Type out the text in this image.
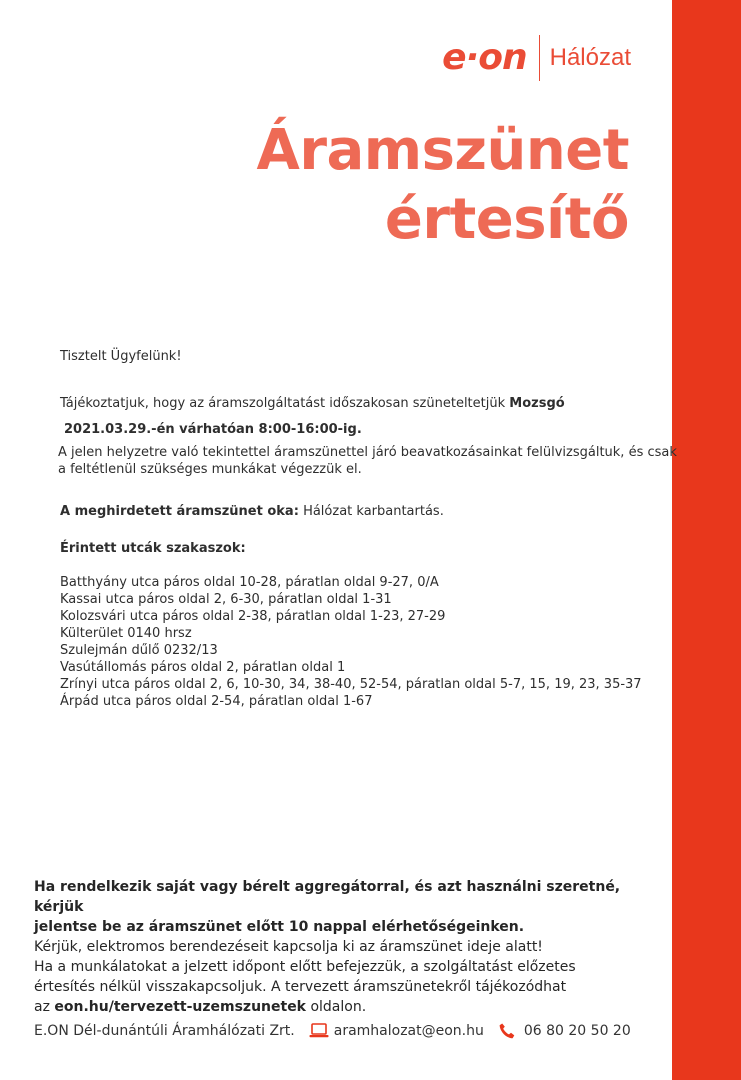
e·on Hálózat
Áramszünet
értesítő
Tisztelt Ügyfelünk!
Tájékoztatjuk, hogy az áramszolgáltatást időszakosan szüneteltetjük Mozsgó
2021.03.29.-én várhatóan 8:00-16:00-ig.
A jelen helyzetre való tekintettel áramszünettel járó beavatkozásainkat felülvizsgáltuk, és csak
a feltétlenül szükséges munkákat végezzük el.
A meghirdetett áramszünet oka: Hálózat karbantartás.
Érintett utcák szakaszok:
Batthyány utca páros oldal 10-28, páratlan oldal 9-27, 0/A
Kassai utca páros oldal 2, 6-30, páratlan oldal 1-31
Kolozsvári utca páros oldal 2-38, páratlan oldal 1-23, 27-29
Külterület 0140 hrsz
Szulejmán dűlő 0232/13
Vasútállomás páros oldal 2, páratlan oldal 1
Zrínyi utca páros oldal 2, 6, 10-30, 34, 38-40, 52-54, páratlan oldal 5-7, 15, 19, 23, 35-37
Árpád utca páros oldal 2-54, páratlan oldal 1-67
Ha rendelkezik saját vagy bérelt aggregátorral, és azt használni szeretné, kérjük
jelentse be az áramszünet előtt 10 nappal elérhetőségeinken.
Kérjük, elektromos berendezéseit kapcsolja ki az áramszünet ideje alatt!
Ha a munkálatokat a jelzett időpont előtt befejezzük, a szolgáltatást előzetes
értesítés nélkül visszakapcsoljuk. A tervezett áramszünetekről tájékozódhat
az eon.hu/tervezett-uzemszunetek oldalon.
E.ON Dél-dunántúli Áramhálózati Zrt.	aramhalozat@eon.hu	06 80 20 50 20
